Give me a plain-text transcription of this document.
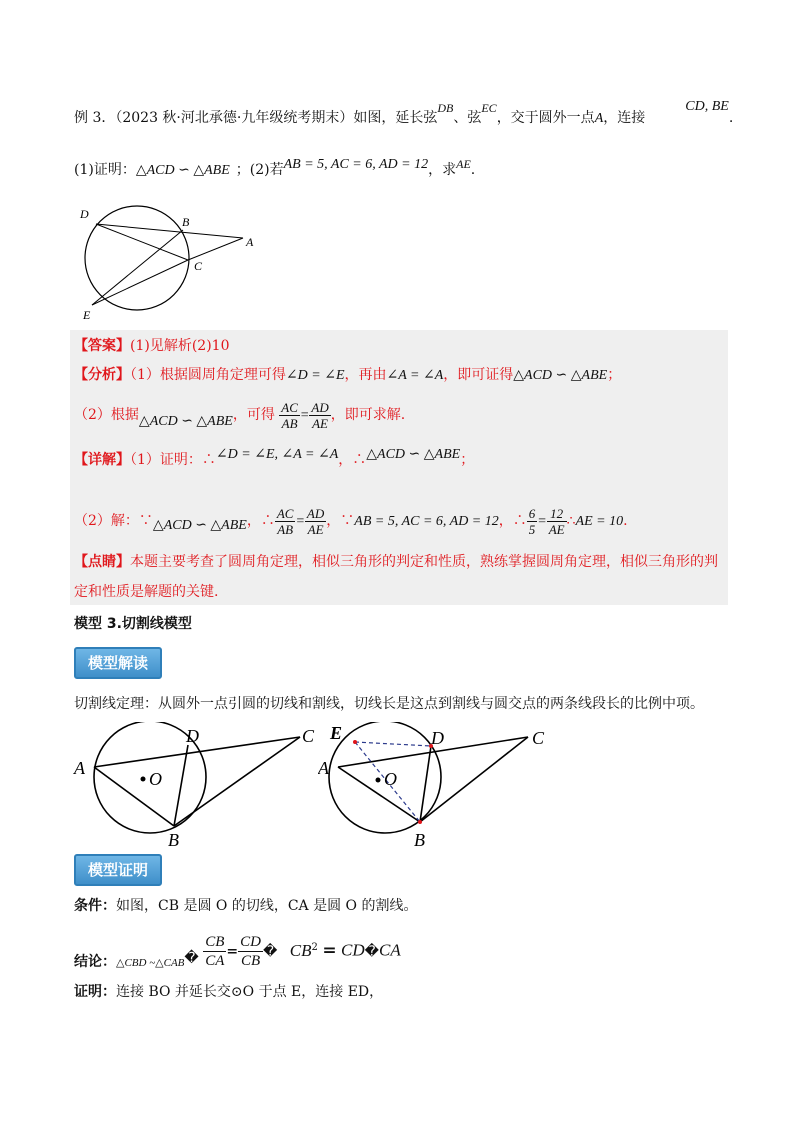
例 3．（2023 秋·河北承德·九年级统考期末）如图，延长弦DB、弦EC，交于圆外一点A，连接CD, BE.
(1)证明：△ACD ∽ △ABE ；(2)若AB = 5, AC = 6, AD = 12，求AE.
D
B
A
C
E
【答案】(1)见解析(2)10
【分析】（1）根据圆周角定理可得∠D = ∠E，再由∠A = ∠A，即可证得△ACD ∽ △ABE；
（2）根据△ACD ∽ △ABE，可得 $\frac{AC}{AB} = \frac{AD}{AE}$ ，即可求解.
【详解】（1）证明：∴∠D = ∠E, ∠A = ∠A，∴△ACD ∽ △ABE；
（2）解：∵△ACD ∽ △ABE，∴ $\frac{AC}{AB} = \frac{AD}{AE}$ ，∵AB = 5, AC = 6, AD = 12，∴ $\frac{6}{5} = \frac{12}{AE}$ ∴AE = 10.
【点睛】本题主要考查了圆周角定理，相似三角形的判定和性质，熟练掌握圆周角定理，相似三角形的判
定和性质是解题的关键.
模型 3.切割线模型
模型解读
切割线定理：从圆外一点引圆的切线和割线，切线长是这点到割线与圆交点的两条线段长的比例中项。
A
D	C
O
B
E
A
D	C
O
B
模型证明
条件：如图，CB 是圆 O 的切线，CA 是圆 O 的割线。
结论：$_{\triangle CBD \sim\triangle CAB}$� $\frac{CB}{CA} = \frac{CD}{CB}$ � $CB^2$ = CD�CA
证明：连接 BO 并延长交⊙O 于点 E，连接 ED，
